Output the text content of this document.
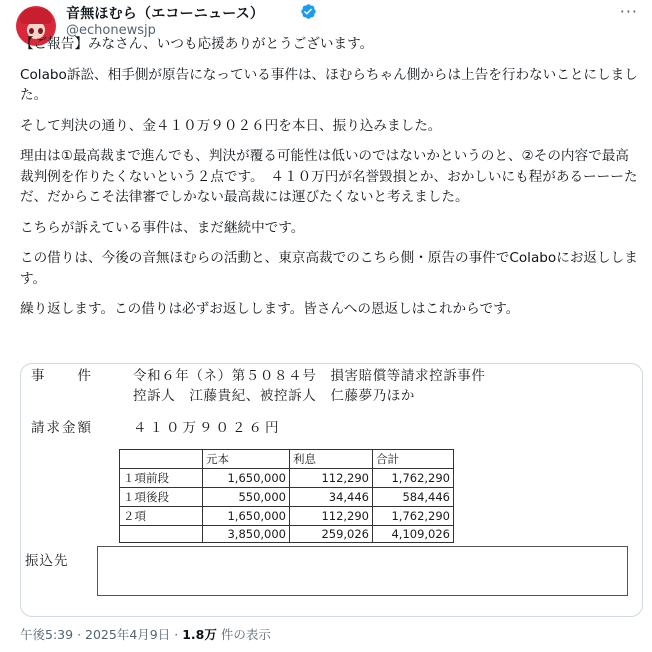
音無ほむら（エコーニュース）
@echonewsjp
···

【ご報告】みなさん、いつも応援ありがとうございます。

Colabo訴訟、相手側が原告になっている事件は、ほむらちゃん側からは上告を行わないことにしました。

そして判決の通り、金４１０万９０２６円を本日、振り込みました。

理由は①最高裁まで進んでも、判決が覆る可能性は低いのではないかというのと、②その内容で最高裁判例を作りたくないという２点です。　４１０万円が名誉毀損とか、おかしいにも程があるーーーただ、だからこそ法律審でしかない最高裁には運びたくないと考えました。

こちらが訴えている事件は、まだ継続中です。

この借りは、今後の音無ほむらの活動と、東京高裁でのこちら側・原告の事件でColaboにお返しします。

繰り返します。この借りは必ずお返しします。皆さんへの恩返しはこれからです。

事　　件	令和６年（ネ）第５０８４号　損害賠償等請求控訴事件
控訴人　江藤貴紀、被控訴人　仁藤夢乃ほか
請求金額	４１０万９０２６円
	元本	利息	合計
１項前段	1,650,000	112,290	1,762,290
１項後段	550,000	34,446	584,446
２項	1,650,000	112,290	1,762,290
	3,850,000	259,026	4,109,026
振込先
午後5:39 · 2025年4月9日 · 1.8万 件の表示
